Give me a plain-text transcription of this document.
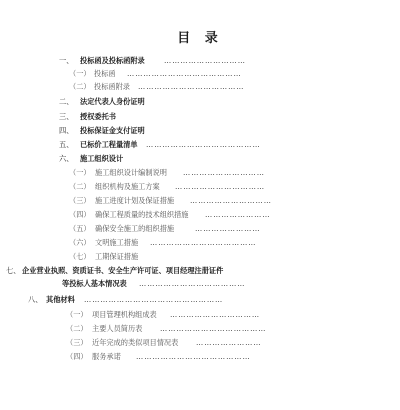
目 录
一、 投标函及投标函附录	…………………………
（一） 投标函 ……………………………………
（二） 投标函附录 …………………………………
二、 法定代表人身份证明
三、 授权委托书
四、 投标保证金支付证明
五、 已标价工程量清单 ……………………………………
六、 施工组织设计
（一） 施工组织设计编制说明 …………………………
（二） 组织机构及施工方案 ……………………………
（三） 施工进度计划及保证措施 …………………………
（四） 确保工程质量的技术组织措施 ……………………
（五） 确保安全施工的组织措施	……………………
（六） 文明施工措施 …………………………………
（七） 工期保证措施
七、 企业营业执照、资质证书、安全生产许可证、项目经理注册证件
等投标人基本情况表 …………………………………
八、 其他材料 ……………………………………………
（一） 项目管理机构组成表 ……………………………
（二） 主要人员简历表 …………………………………
（三） 近年完成的类似项目情况表 ……………………
（四） 服务承诺 ……………………………………
